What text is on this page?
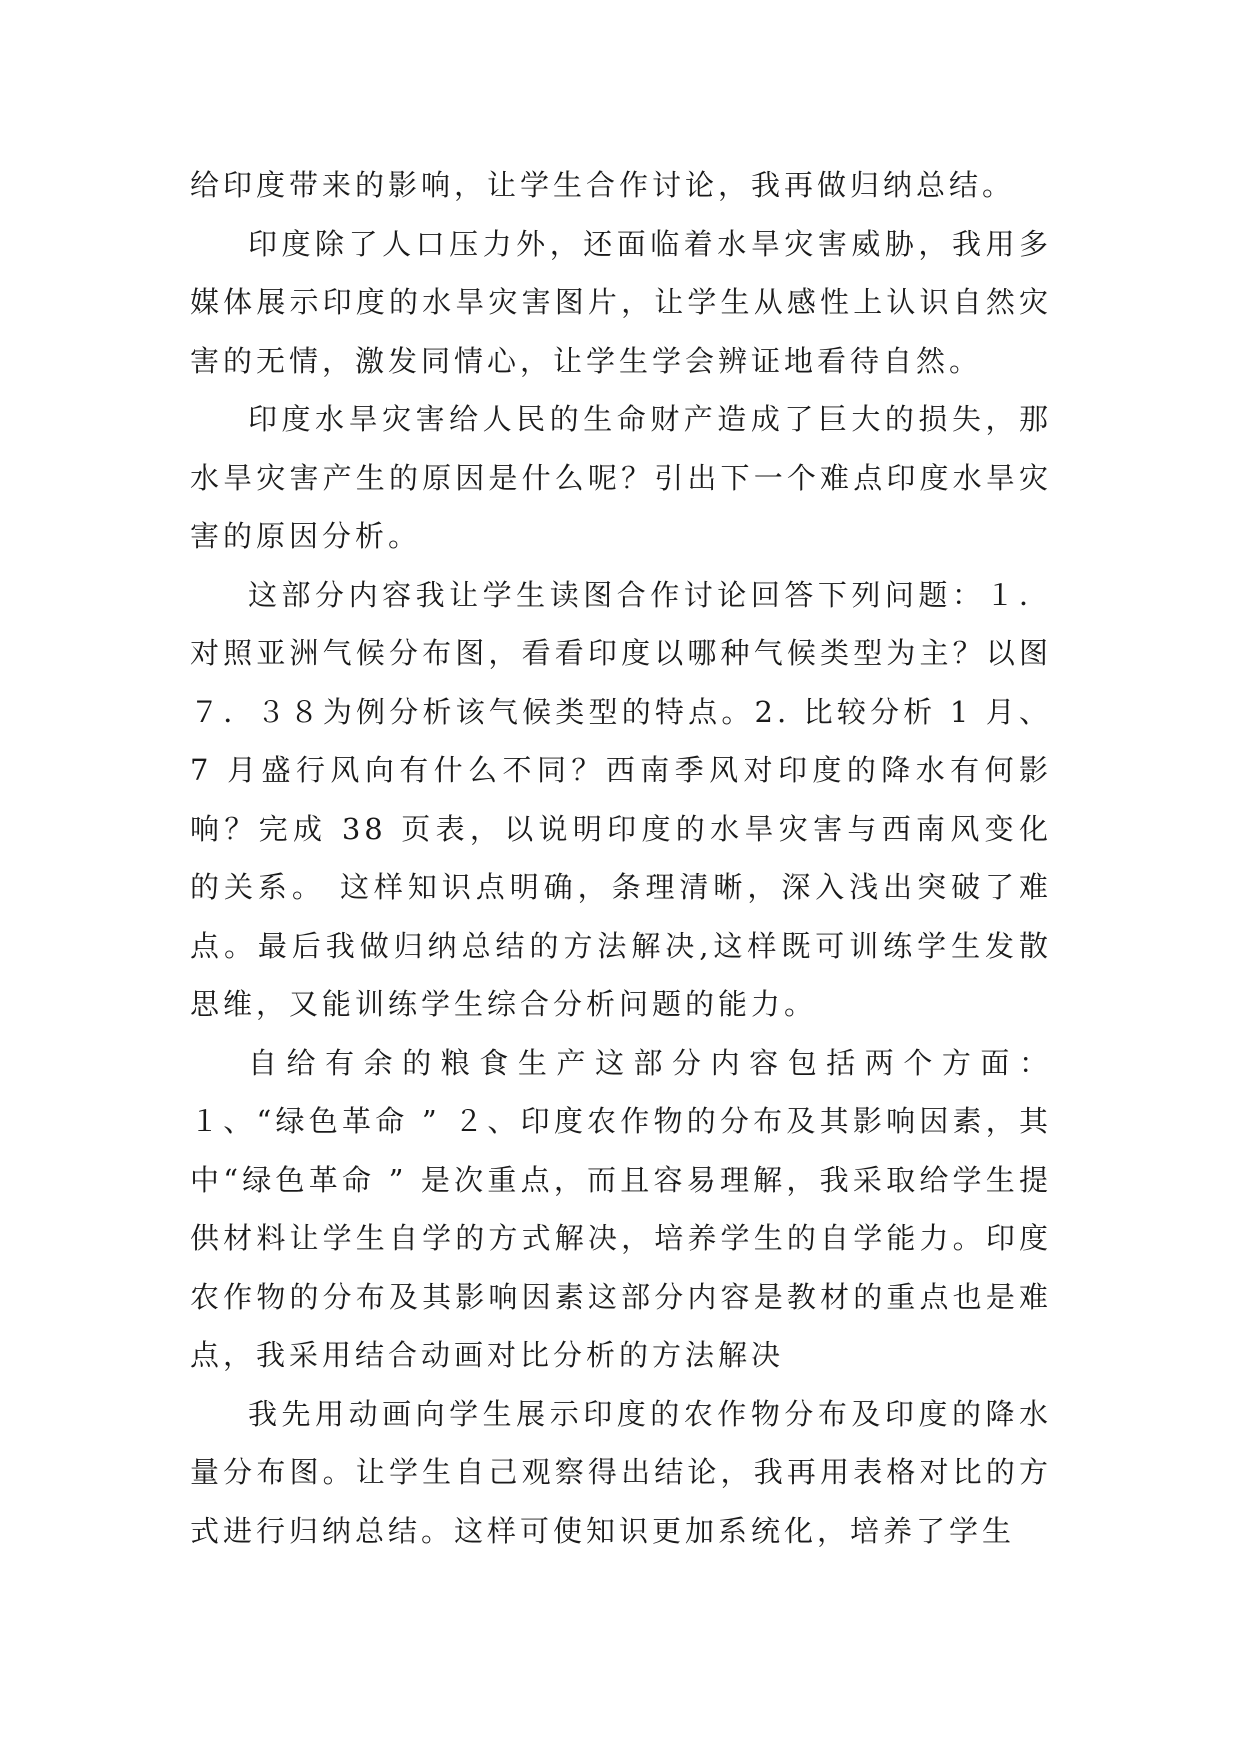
给印度带来的影响，让学生合作讨论，我再做归纳总结。

印度除了人口压力外，还面临着水旱灾害威胁，我用多媒体展示印度的水旱灾害图片，让学生从感性上认识自然灾害的无情，激发同情心，让学生学会辨证地看待自然。

印度水旱灾害给人民的生命财产造成了巨大的损失，那水旱灾害产生的原因是什么呢？引出下一个难点印度水旱灾害的原因分析。

这部分内容我让学生读图合作讨论回答下列问题：１．对照亚洲气候分布图，看看印度以哪种气候类型为主？以图７．３８为例分析该气候类型的特点。2. 比较分析 1 月、7 月盛行风向有什么不同？西南季风对印度的降水有何影响？完成 38 页表，以说明印度的水旱灾害与西南风变化的关系。 这样知识点明确，条理清晰，深入浅出突破了难点。最后我做归纳总结的方法解决,这样既可训练学生发散思维，又能训练学生综合分析问题的能力。

自给有余的粮食生产这部分内容包括两个方面：１、“绿色革命 ” ２、印度农作物的分布及其影响因素，其中“绿色革命 ” 是次重点，而且容易理解，我采取给学生提供材料让学生自学的方式解决，培养学生的自学能力。印度农作物的分布及其影响因素这部分内容是教材的重点也是难点，我采用结合动画对比分析的方法解决

我先用动画向学生展示印度的农作物分布及印度的降水量分布图。让学生自己观察得出结论，我再用表格对比的方式进行归纳总结。这样可使知识更加系统化，培养了学生
